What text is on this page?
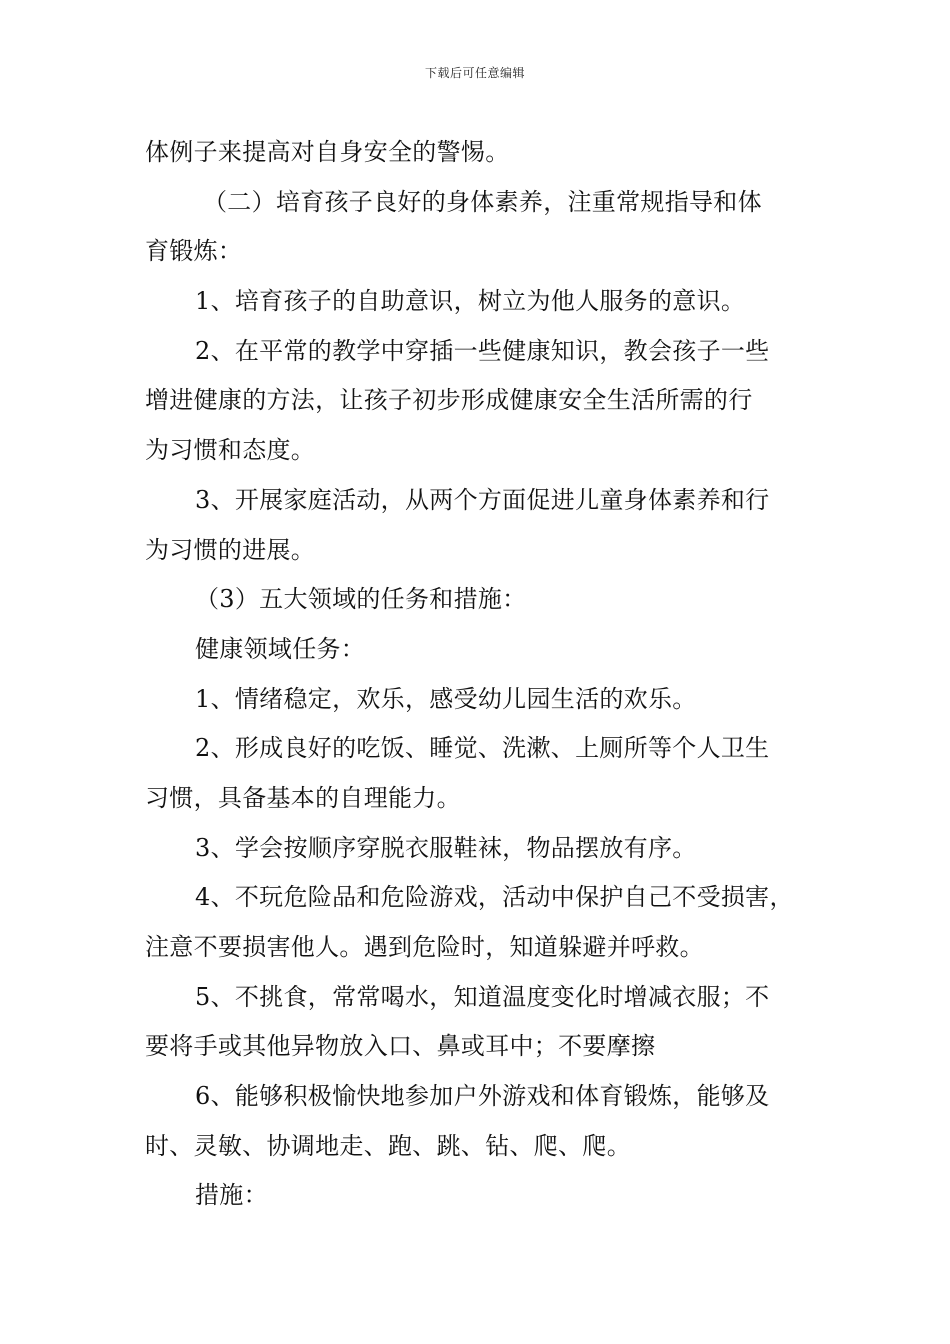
下载后可任意编辑
体例子来提高对自身安全的警惕。
（二）培育孩子良好的身体素养，注重常规指导和体
育锻炼：
1、培育孩子的自助意识，树立为他人服务的意识。
2、在平常的教学中穿插一些健康知识，教会孩子一些
增进健康的方法，让孩子初步形成健康安全生活所需的行
为习惯和态度。
3、开展家庭活动，从两个方面促进儿童身体素养和行
为习惯的进展。
（3）五大领域的任务和措施：
健康领域任务：
1、情绪稳定，欢乐，感受幼儿园生活的欢乐。
2、形成良好的吃饭、睡觉、洗漱、上厕所等个人卫生
习惯，具备基本的自理能力。
3、学会按顺序穿脱衣服鞋袜，物品摆放有序。
4、不玩危险品和危险游戏，活动中保护自己不受损害，
注意不要损害他人。遇到危险时，知道躲避并呼救。
5、不挑食，常常喝水，知道温度变化时增减衣服；不
要将手或其他异物放入口、鼻或耳中；不要摩擦
6、能够积极愉快地参加户外游戏和体育锻炼，能够及
时、灵敏、协调地走、跑、跳、钻、爬、爬。
措施：
